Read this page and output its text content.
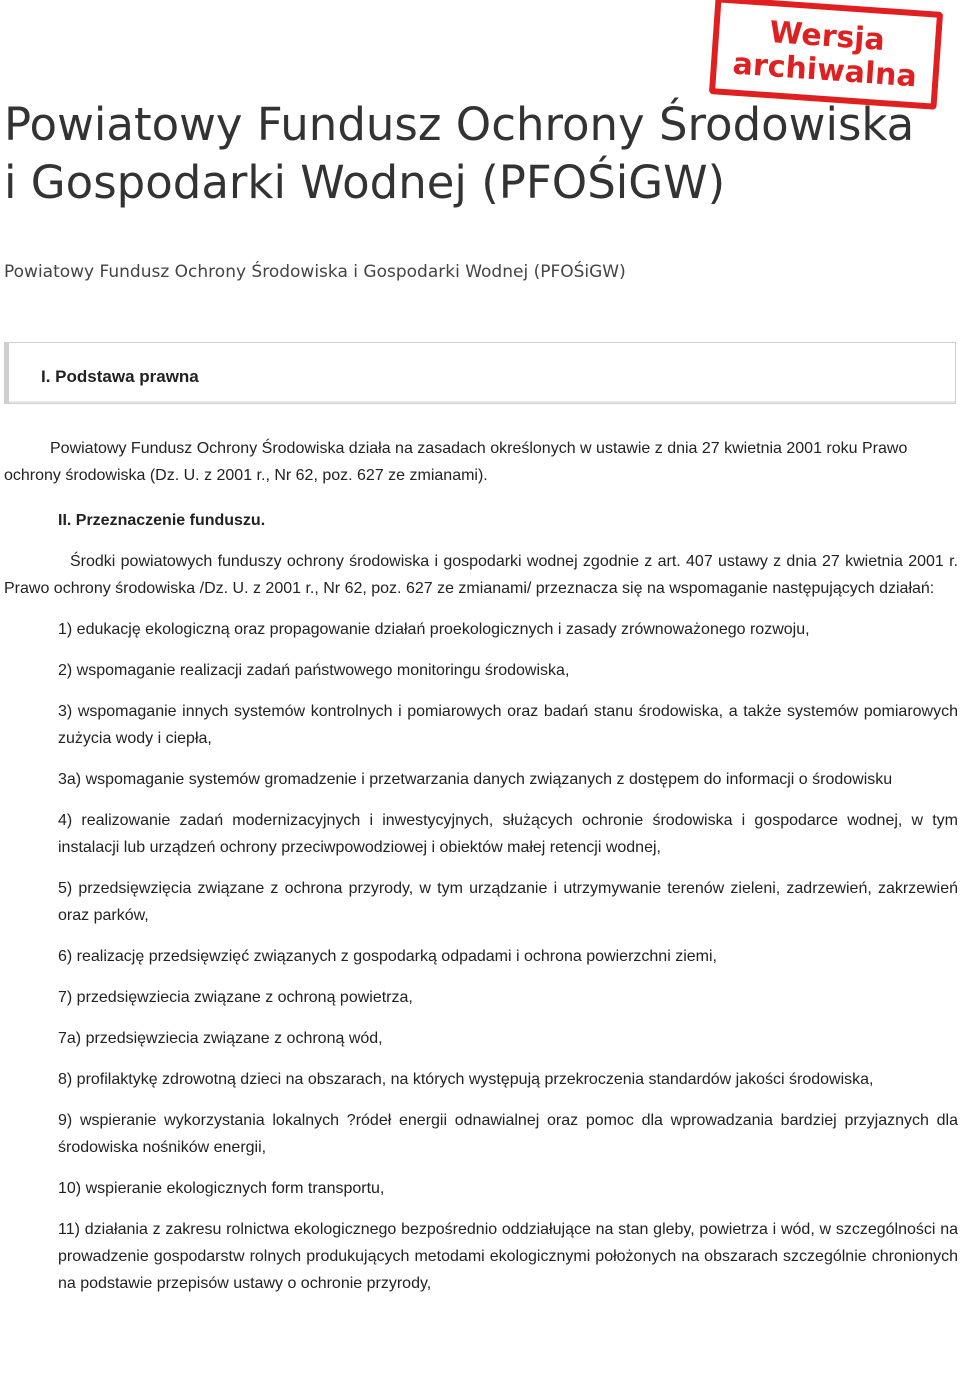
Wersja
archiwalna
Powiatowy Fundusz Ochrony Środowiska
i Gospodarki Wodnej (PFOŚiGW)
Powiatowy Fundusz Ochrony Środowiska i Gospodarki Wodnej (PFOŚiGW)
I. Podstawa prawna

Powiatowy Fundusz Ochrony Środowiska działa na zasadach określonych w ustawie z dnia 27 kwietnia 2001 roku Prawo ochrony środowiska (Dz. U. z 2001 r., Nr 62, poz. 627 ze zmianami).

II. Przeznaczenie funduszu.

Środki powiatowych funduszy ochrony środowiska i gospodarki wodnej zgodnie z art. 407 ustawy z dnia 27 kwietnia 2001 r. Prawo ochrony środowiska /Dz. U. z 2001 r., Nr 62, poz. 627 ze zmianami/ przeznacza się na wspomaganie następujących działań:

1) edukację ekologiczną oraz propagowanie działań proekologicznych i zasady zrównoważonego rozwoju,

2) wspomaganie realizacji zadań państwowego monitoringu środowiska,

3) wspomaganie innych systemów kontrolnych i pomiarowych oraz badań stanu środowiska, a także systemów pomiarowych zużycia wody i ciepła,

3a) wspomaganie systemów gromadzenie i przetwarzania danych związanych z dostępem do informacji o środowisku

4) realizowanie zadań modernizacyjnych i inwestycyjnych, służących ochronie środowiska i gospodarce wodnej, w tym instalacji lub urządzeń ochrony przeciwpowodziowej i obiektów małej retencji wodnej,

5) przedsięwzięcia związane z ochrona przyrody, w tym urządzanie i utrzymywanie terenów zieleni, zadrzewień, zakrzewień oraz parków,

6) realizację przedsięwzięć związanych z gospodarką odpadami i ochrona powierzchni ziemi,

7) przedsięwziecia związane z ochroną powietrza,

7a) przedsięwziecia związane z ochroną wód,

8) profilaktykę zdrowotną dzieci na obszarach, na których występują przekroczenia standardów jakości środowiska,

9) wspieranie wykorzystania lokalnych ?ródeł energii odnawialnej oraz pomoc dla wprowadzania bardziej przyjaznych dla środowiska nośników energii,

10) wspieranie ekologicznych form transportu,

11) działania z zakresu rolnictwa ekologicznego bezpośrednio oddziałujące na stan gleby, powietrza i wód, w szczególności na prowadzenie gospodarstw rolnych produkujących metodami ekologicznymi położonych na obszarach szczególnie chronionych na podstawie przepisów ustawy o ochronie przyrody,
